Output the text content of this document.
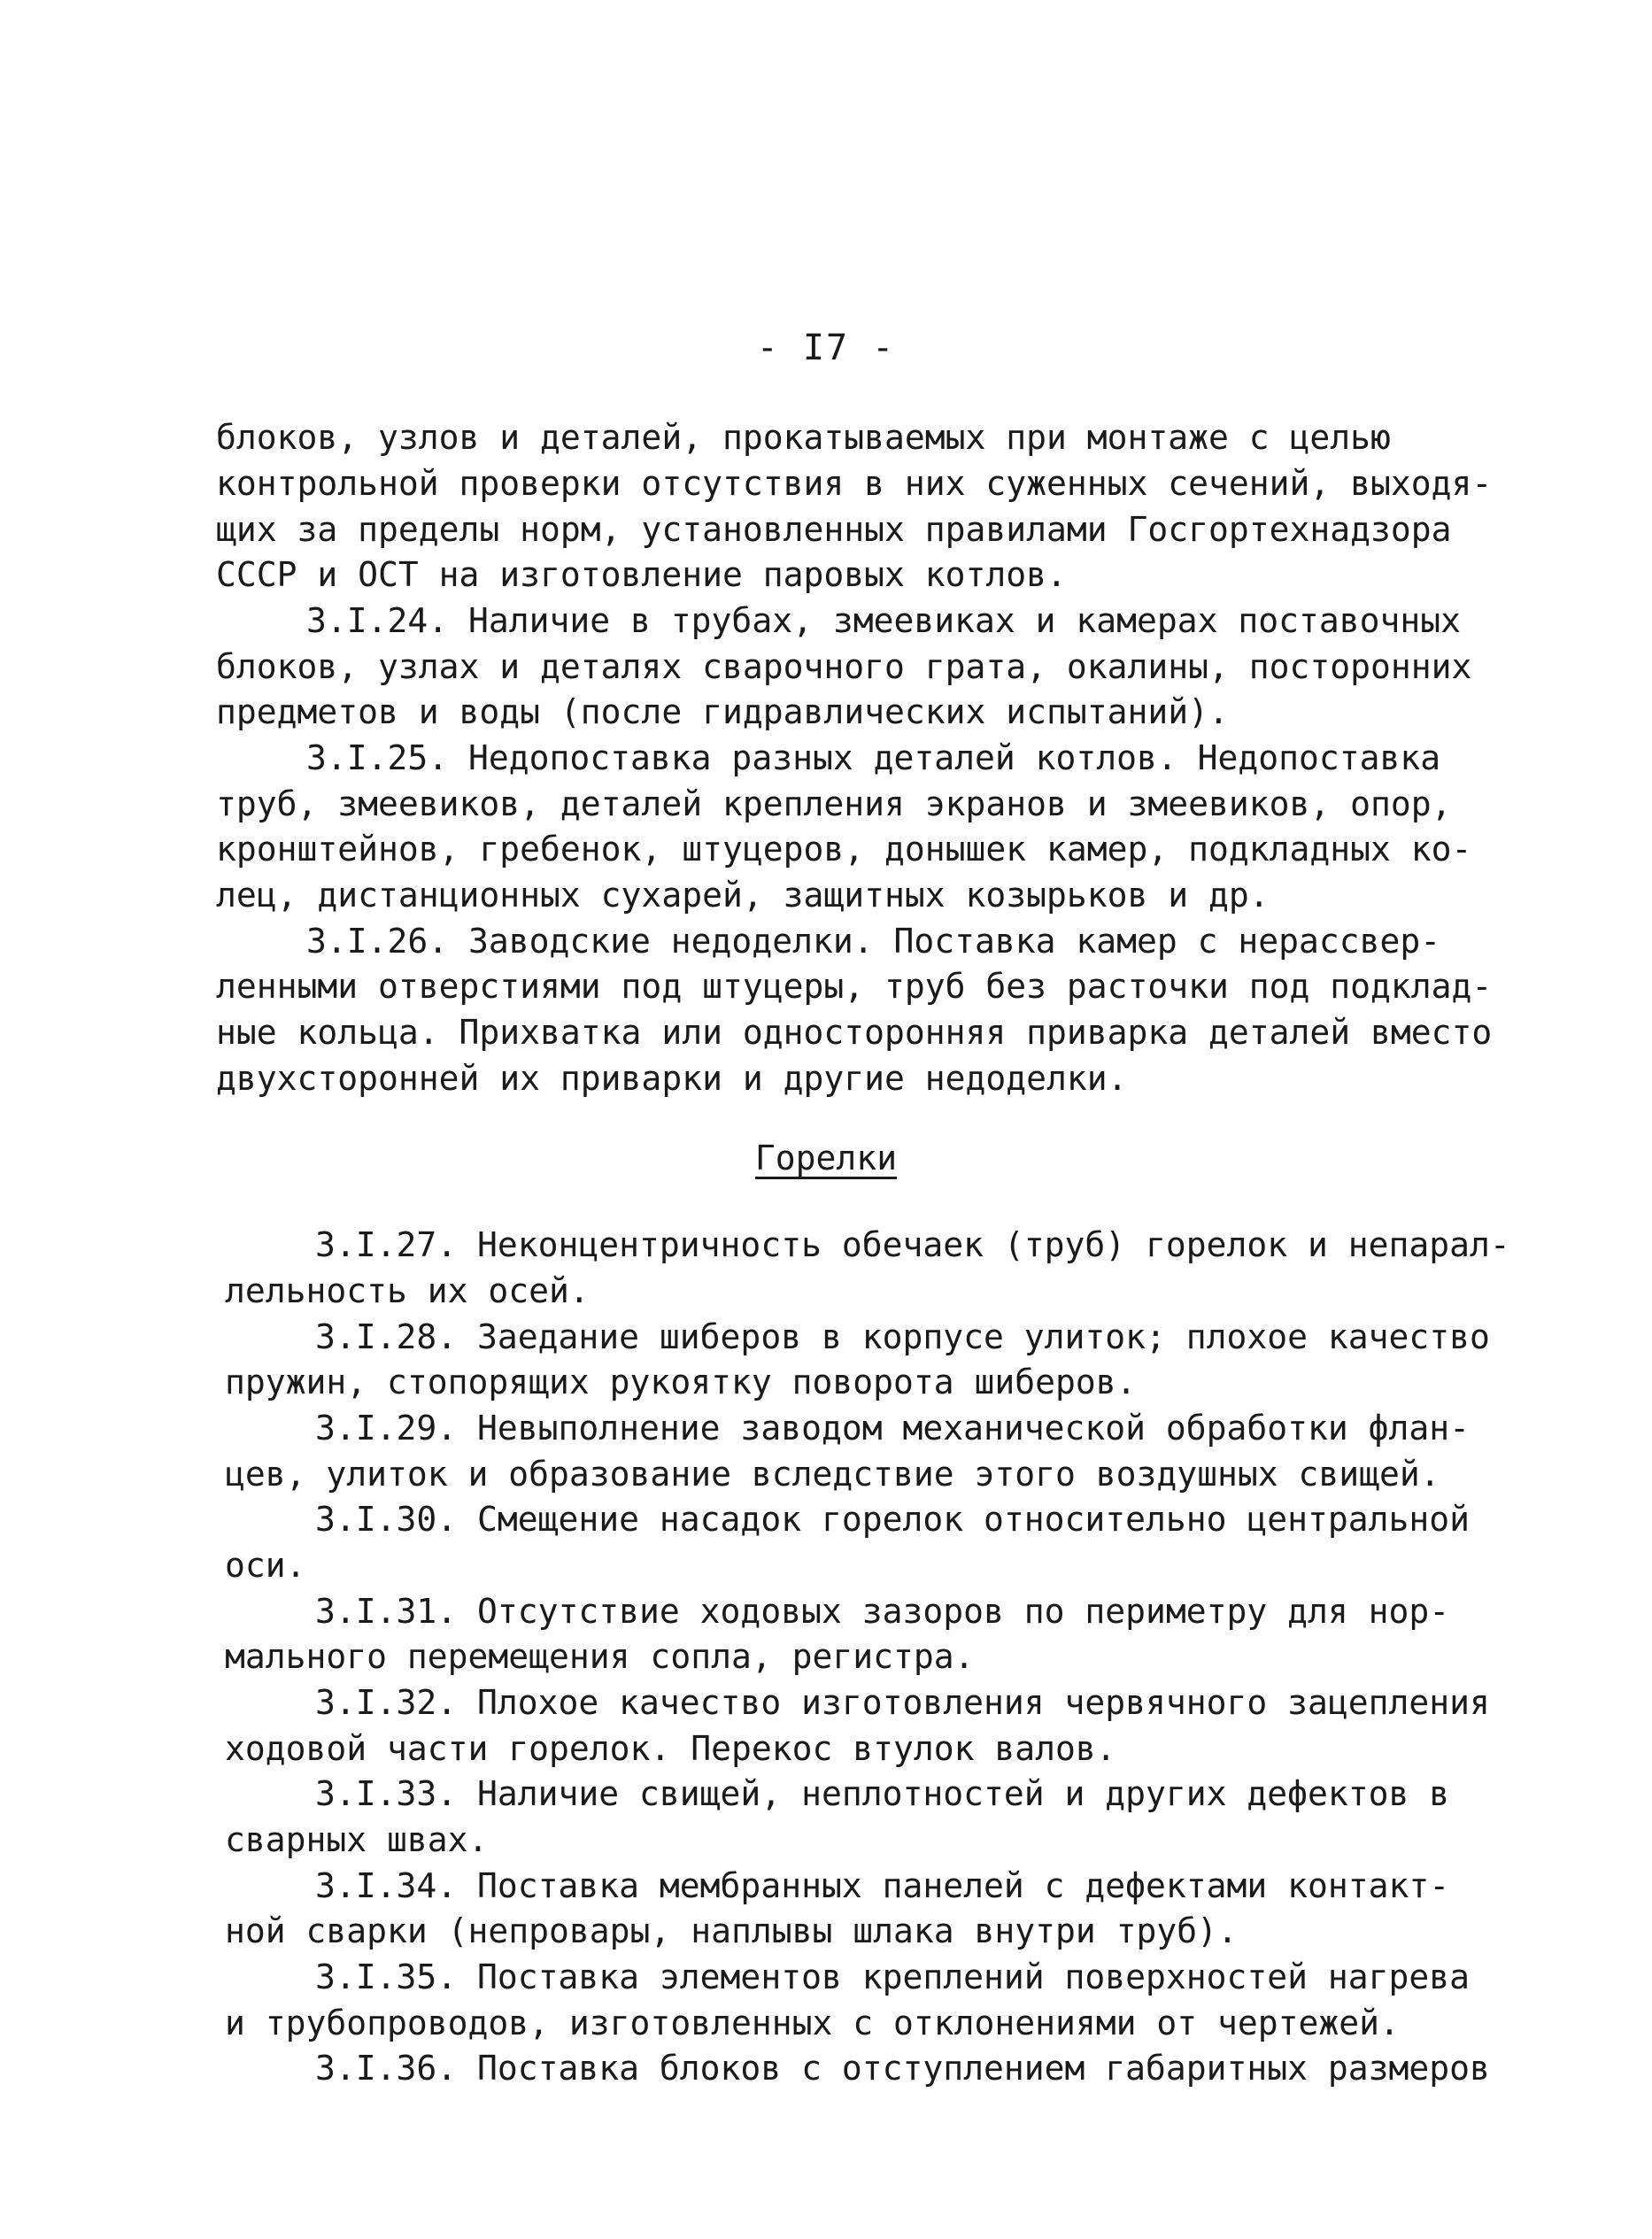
- I7 -
блоков, узлов и деталей, прокатываемых при монтаже с целью
контрольной проверки отсутствия в них суженных сечений, выходя-
щих за пределы норм, установленных правилами Госгортехнадзора
СССР и ОСТ на изготовление паровых котлов.
3.I.24. Наличие в трубах, змеевиках и камерах поставочных
блоков, узлах и деталях сварочного грата, окалины, посторонних
предметов и воды (после гидравлических испытаний).
3.I.25. Недопоставка разных деталей котлов. Недопоставка
труб, змеевиков, деталей крепления экранов и змеевиков, опор,
кронштейнов, гребенок, штуцеров, донышек камер, подкладных ко-
лец, дистанционных сухарей, защитных козырьков и др.
3.I.26. Заводские недоделки. Поставка камер с нерассвер-
ленными отверстиями под штуцеры, труб без расточки под подклад-
ные кольца. Прихватка или односторонняя приварка деталей вместо
двухсторонней их приварки и другие недоделки.
Горелки
3.I.27. Неконцентричность обечаек (труб) горелок и непарал-
лельность их осей.
3.I.28. Заедание шиберов в корпусе улиток; плохое качество
пружин, стопорящих рукоятку поворота шиберов.
3.I.29. Невыполнение заводом механической обработки флан-
цев, улиток и образование вследствие этого воздушных свищей.
3.I.30. Смещение насадок горелок относительно центральной
оси.
3.I.31. Отсутствие ходовых зазоров по периметру для нор-
мального перемещения сопла, регистра.
3.I.32. Плохое качество изготовления червячного зацепления
ходовой части горелок. Перекос втулок валов.
3.I.33. Наличие свищей, неплотностей и других дефектов в
сварных швах.
3.I.34. Поставка мембранных панелей с дефектами контакт-
ной сварки (непровары, наплывы шлака внутри труб).
3.I.35. Поставка элементов креплений поверхностей нагрева
и трубопроводов, изготовленных с отклонениями от чертежей.
3.I.36. Поставка блоков с отступлением габаритных размеров
